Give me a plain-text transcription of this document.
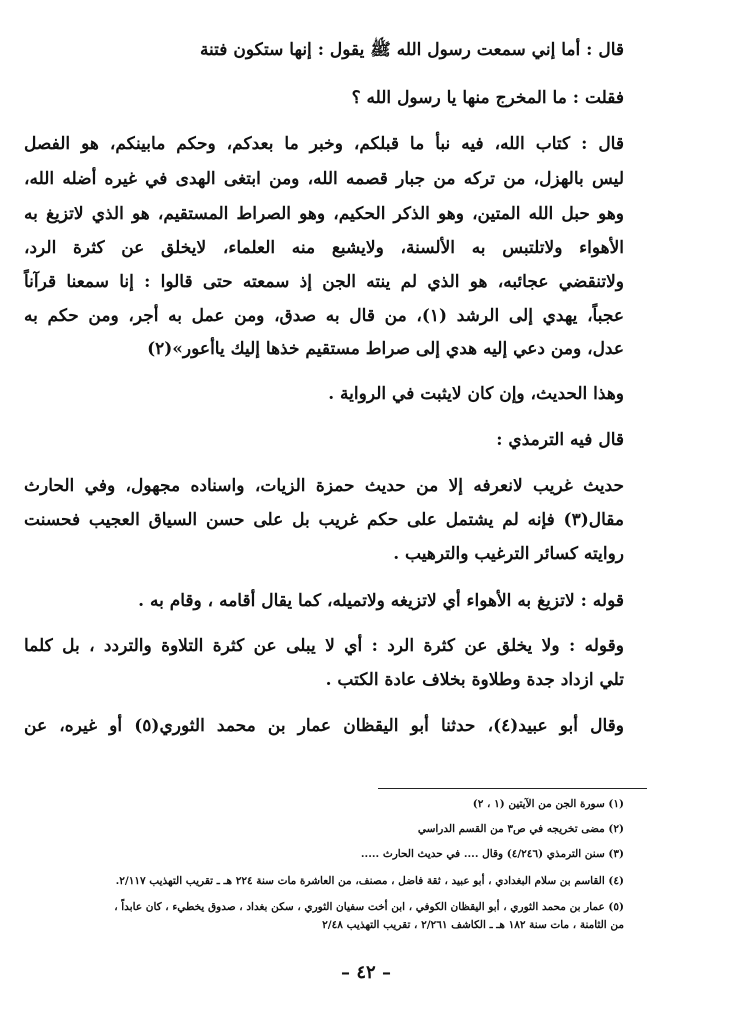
قال : أما إني سمعت رسول الله ﷺ يقول : إنها ستكون فتنة
فقلت : ما المخرج منها يا رسول الله ؟
قال : كتاب الله، فيه نبأ ما قبلكم، وخبر ما بعدكم، وحكم مابينكم، هو الفصل
ليس بالهزل، من تركه من جبار قصمه الله، ومن ابتغى الهدى في غيره أضله الله،
وهو حبل الله المتين، وهو الذكر الحكيم، وهو الصراط المستقيم، هو الذي لاتزيغ به
الأهواء ولاتلتبس به الألسنة، ولايشبع منه العلماء، لايخلق عن كثرة الرد،
ولاتنقضي عجائبه، هو الذي لم ينته الجن إذ سمعته حتى قالوا : إنا سمعنا قرآناً
عجباً، يهدي إلى الرشد (١)، من قال به صدق، ومن عمل به أجر، ومن حكم به
عدل، ومن دعي إليه هدي إلى صراط مستقيم خذها إليك ياأعور»(٢)
وهذا الحديث، وإن كان لايثبت في الرواية .
قال فيه الترمذي :
حديث غريب لانعرفه إلا من حديث حمزة الزيات، واسناده مجهول، وفي الحارث
مقال(٣) فإنه لم يشتمل على حكم غريب بل على حسن السياق العجيب فحسنت
روايته كسائر الترغيب والترهيب .
قوله : لاتزيغ به الأهواء أي لاتزيغه ولاتميله، كما يقال أقامه ، وقام به .
وقوله : ولا يخلق عن كثرة الرد : أي لا يبلى عن كثرة التلاوة والتردد ، بل كلما
تلي ازداد جدة وطلاوة بخلاف عادة الكتب .
وقال أبو عبيد(٤)، حدثنا أبو اليقظان عمار بن محمد الثوري(٥) أو غيره، عن
(١) سورة الجن من الآيتين (١ ، ٢)
(٢) مضى تخريجه في ص٣ من القسم الدراسي
(٣) سنن الترمذي (٤/٢٤٦) وقال .... في حديث الحارث .....
(٤) القاسم بن سلام البغدادي ، أبو عبيد ، ثقة فاضل ، مصنف، من العاشرة مات سنة ٢٢٤ هـ ـ تقريب التهذيب ٢/١١٧.
(٥) عمار بن محمد الثوري ، أبو اليقظان الكوفي ، ابن أخت سفيان الثوري ، سكن بغداد ، صدوق يخطيء ، كان عابداً ،
من الثامنة ، مات سنة ١٨٢ هـ ـ الكاشف ٢/٢٦١ ، تقريب التهذيب ٢/٤٨
– ٤٢ –
